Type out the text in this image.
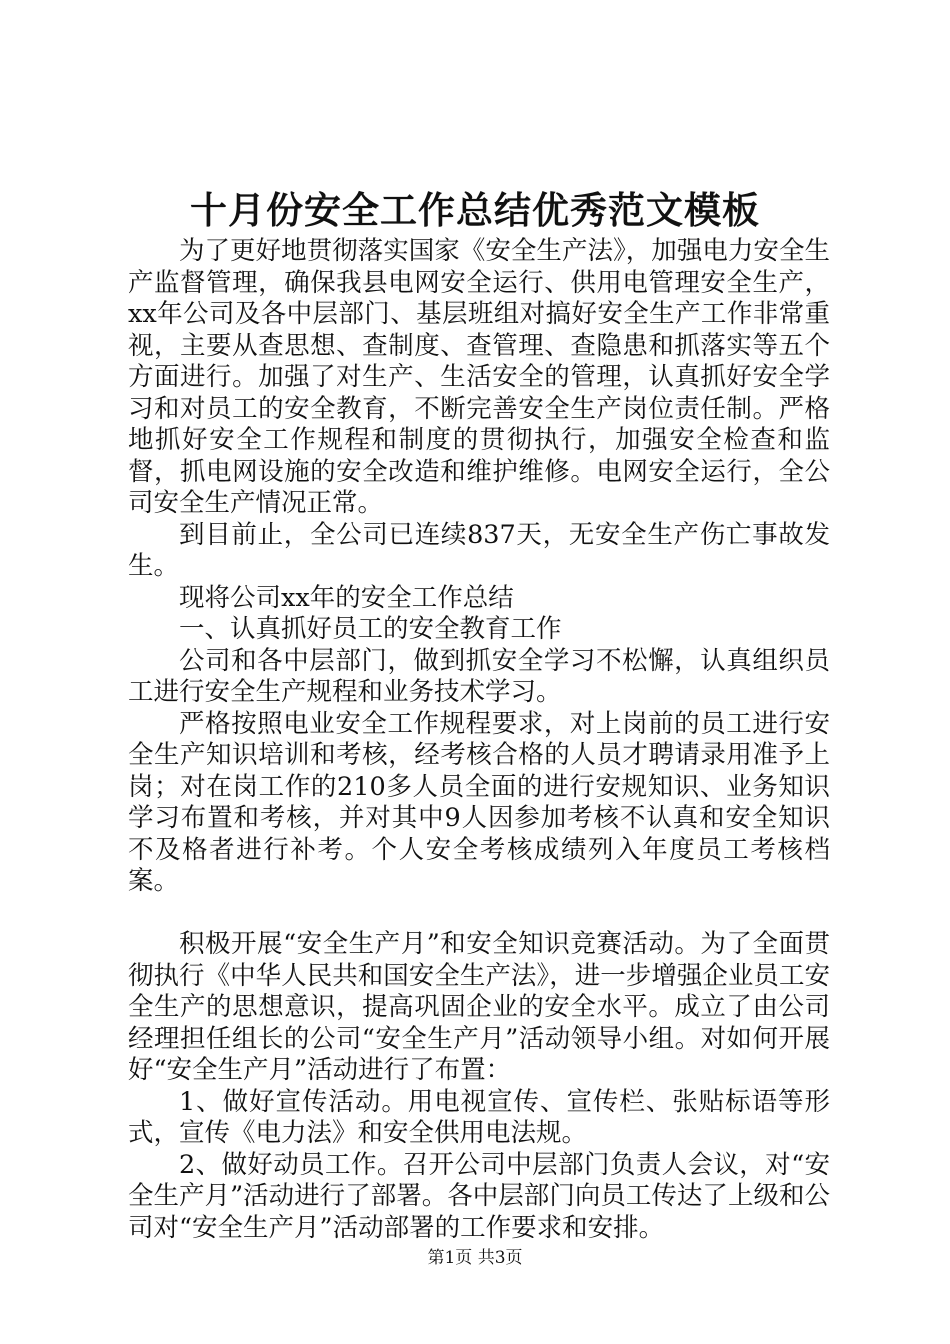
十月份安全工作总结优秀范文模板

为了更好地贯彻落实国家《安全生产法》，加强电力安全生产监督管理，确保我县电网安全运行、供用电管理安全生产，xx年公司及各中层部门、基层班组对搞好安全生产工作非常重视，主要从查思想、查制度、查管理、查隐患和抓落实等五个方面进行。加强了对生产、生活安全的管理，认真抓好安全学习和对员工的安全教育，不断完善安全生产岗位责任制。严格地抓好安全工作规程和制度的贯彻执行，加强安全检查和监督，抓电网设施的安全改造和维护维修。电网安全运行，全公司安全生产情况正常。

到目前止，全公司已连续837天，无安全生产伤亡事故发生。

现将公司xx年的安全工作总结

一、认真抓好员工的安全教育工作

公司和各中层部门，做到抓安全学习不松懈，认真组织员工进行安全生产规程和业务技术学习。

严格按照电业安全工作规程要求，对上岗前的员工进行安全生产知识培训和考核，经考核合格的人员才聘请录用准予上岗；对在岗工作的210多人员全面的进行安规知识、业务知识学习布置和考核，并对其中9人因参加考核不认真和安全知识不及格者进行补考。个人安全考核成绩列入年度员工考核档案。

积极开展“安全生产月”和安全知识竞赛活动。为了全面贯彻执行《中华人民共和国安全生产法》，进一步增强企业员工安全生产的思想意识，提高巩固企业的安全水平。成立了由公司经理担任组长的公司“安全生产月”活动领导小组。对如何开展好“安全生产月”活动进行了布置：

1、做好宣传活动。用电视宣传、宣传栏、张贴标语等形式，宣传《电力法》和安全供用电法规。

2、做好动员工作。召开公司中层部门负责人会议，对“安全生产月”活动进行了部署。各中层部门向员工传达了上级和公司对“安全生产月”活动部署的工作要求和安排。

第1页 共3页
